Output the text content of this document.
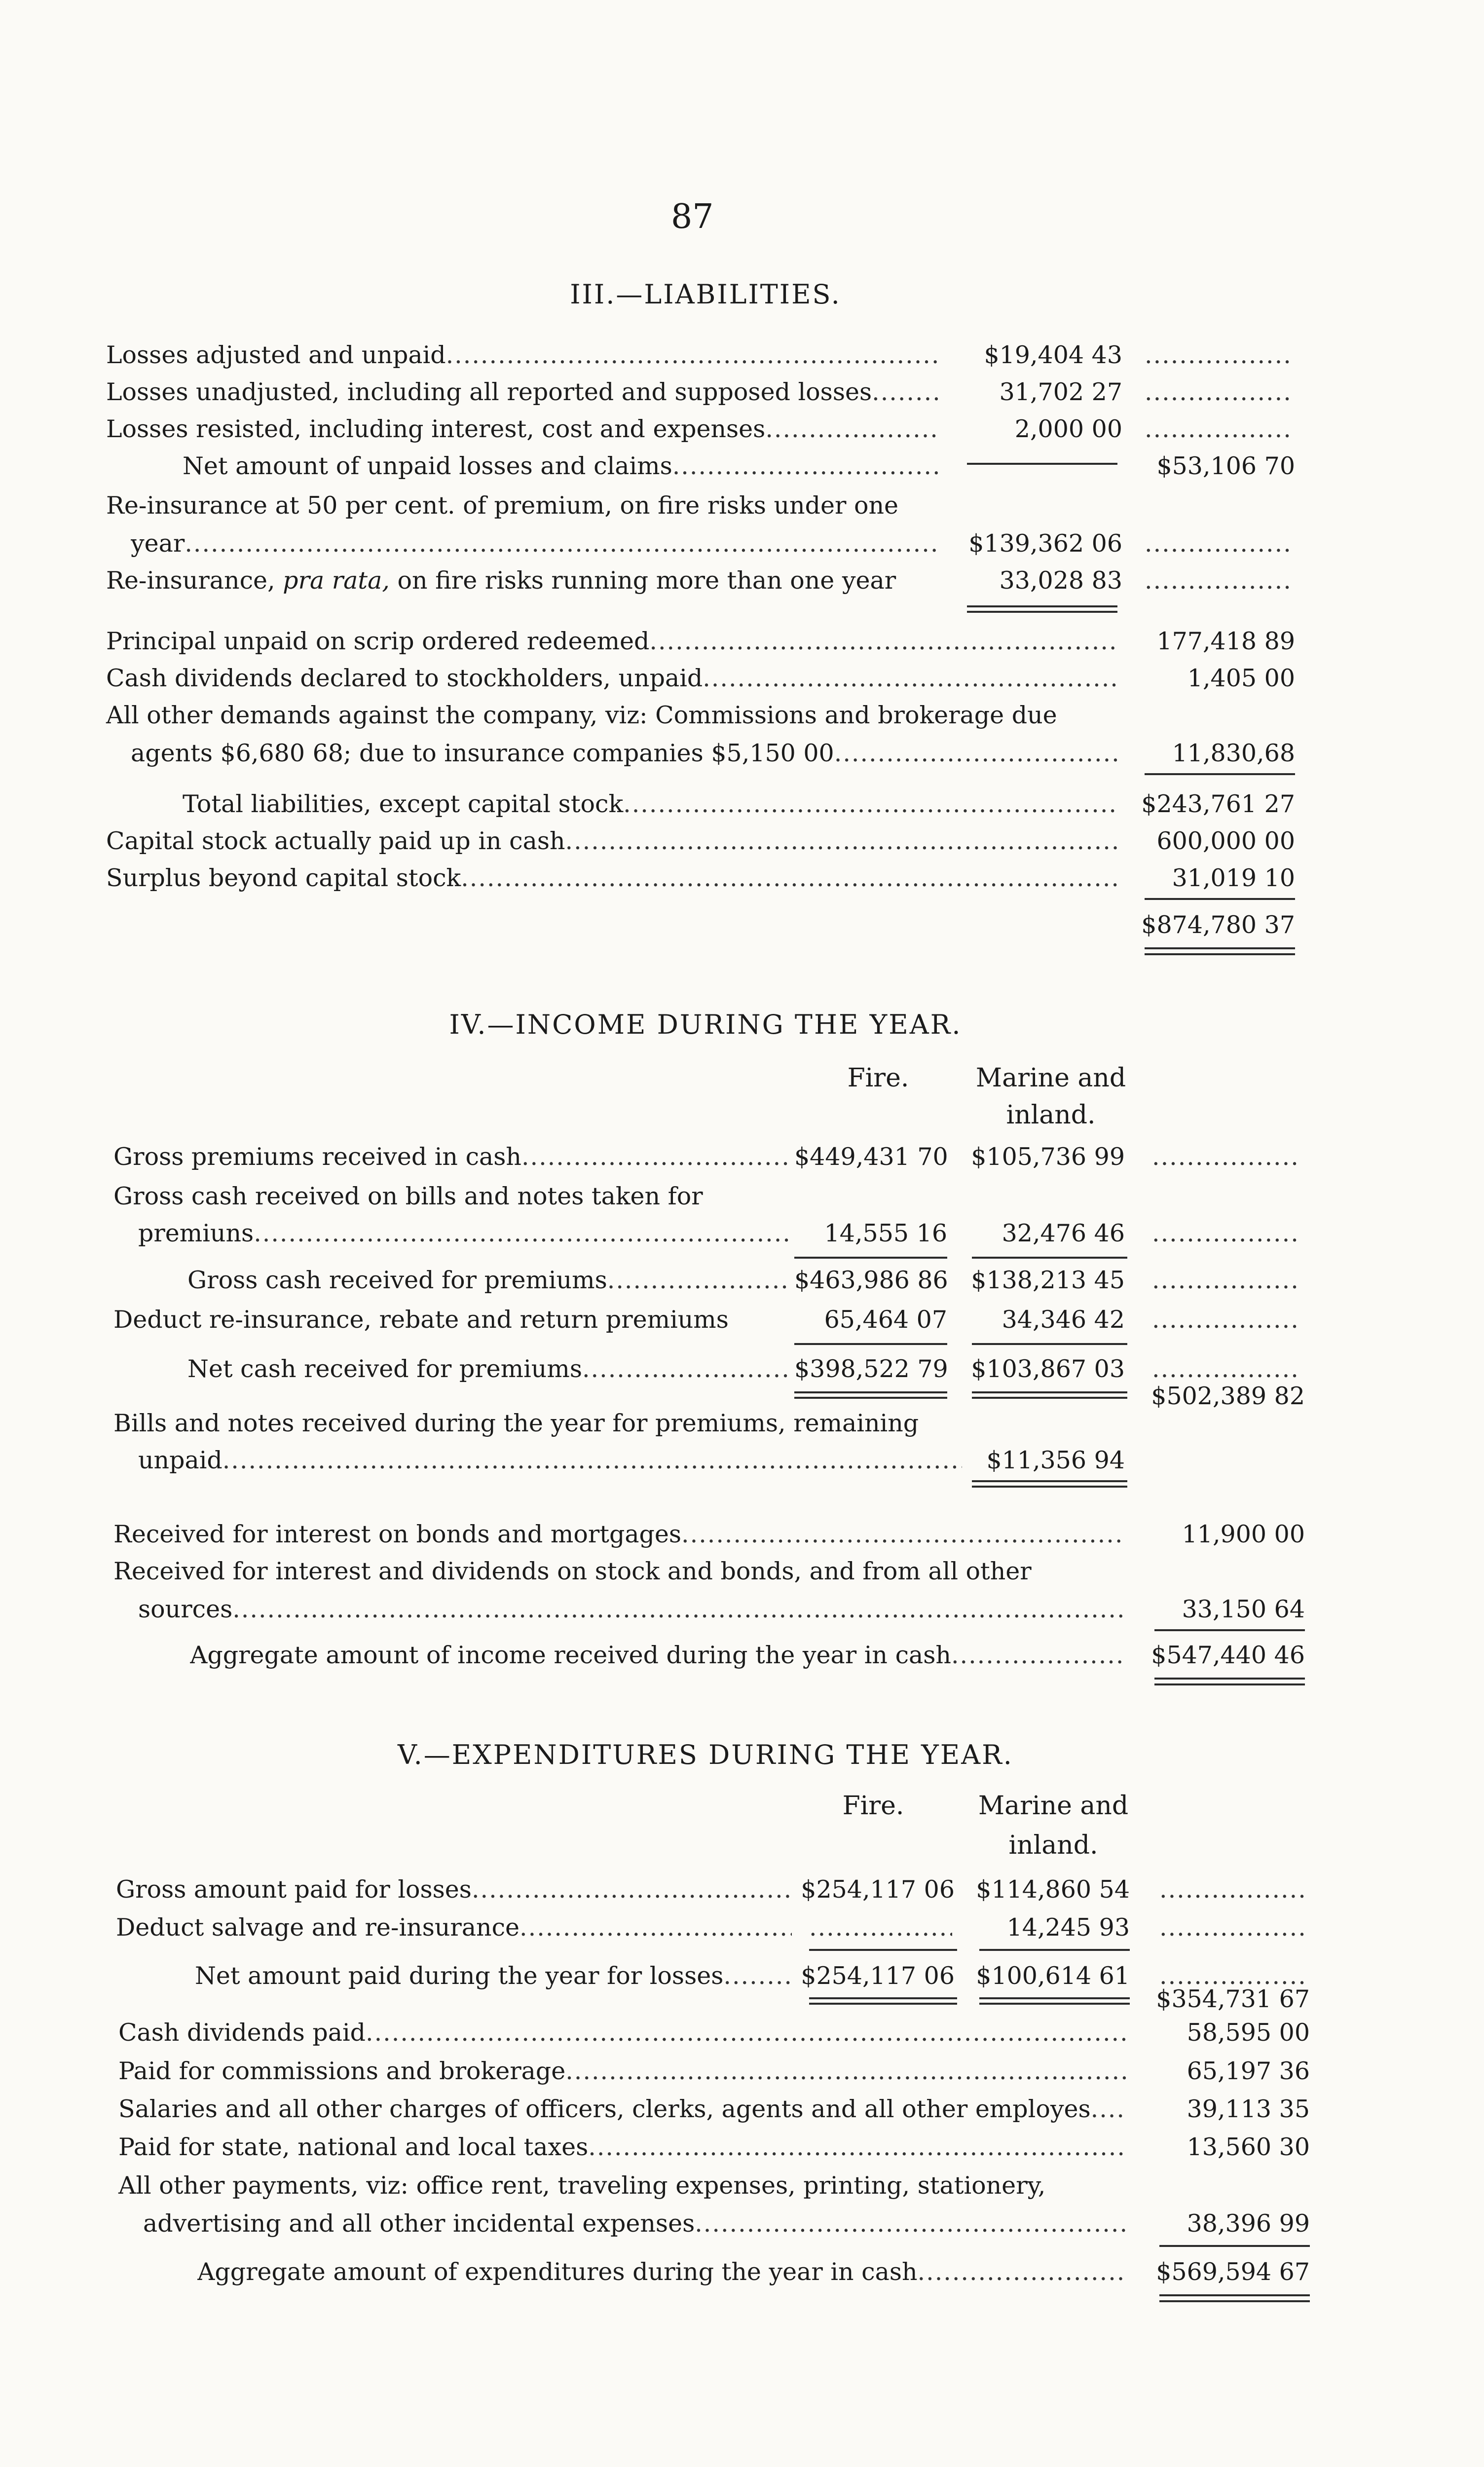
87
III.—LIABILITIES.
Losses adjusted and unpaid .....	$19,404 43
.....
Losses unadjusted, including all reported and supposed losses .....	31,702 27
.....
Losses resisted, including interest, cost and expenses .....	2,000 00
.....
Net amount of unpaid losses and claims .....	$53,106 70
Re-insurance at 50 per cent. of premium, on fire risks under one
year .....	$139,362 06
.....
Re-insurance, pra rata, on fire risks running more than one year	33,028 83
.....
Principal unpaid on scrip ordered redeemed .....	177,418 89
Cash dividends declared to stockholders, unpaid .....	1,405 00
All other demands against the company, viz: Commissions and brokerage due
agents $6,680 68; due to insurance companies $5,150 00 .....	11,830,68
Total liabilities, except capital stock .....	$243,761 27
Capital stock actually paid up in cash .....	600,000 00
Surplus beyond capital stock .....	31,019 10
$874,780 37
IV.—INCOME DURING THE YEAR.
Fire.	Marine and
inland.
Gross premiums received in cash .....	$449,431 70 $105,736 99
.....
Gross cash received on bills and notes taken for
premiuns .....	14,555 16	32,476 46
.....
Gross cash received for premiums .....	$463,986 86 $138,213 45
.....
Deduct re-insurance, rebate and return premiums	65,464 07	34,346 42
.....
Net cash received for premiums .....	$398,522 79 $103,867 03
.....
$502,389 82
Bills and notes received during the year for premiums, remaining
unpaid .....	$11,356 94
Received for interest on bonds and mortgages .....	11,900 00
Received for interest and dividends on stock and bonds, and from all other
sources .....	33,150 64
Aggregate amount of income received during the year in cash .....	$547,440 46
V.—EXPENDITURES DURING THE YEAR.
Fire.	Marine and
inland.
Gross amount paid for losses .....	$254,117 06 $114,860 54
.....
Deduct salvage and re-insurance ..... .....	14,245 93
.....
Net amount paid during the year for losses .....	$254,117 06 $100,614 61
.....
$354,731 67
Cash dividends paid .....	58,595 00
Paid for commissions and brokerage .....	65,197 36
Salaries and all other charges of officers, clerks, agents and all other employes .....	39,113 35
Paid for state, national and local taxes .....	13,560 30
All other payments, viz: office rent, traveling expenses, printing, stationery,
advertising and all other incidental expenses .....	38,396 99
Aggregate amount of expenditures during the year in cash .....	$569,594 67
